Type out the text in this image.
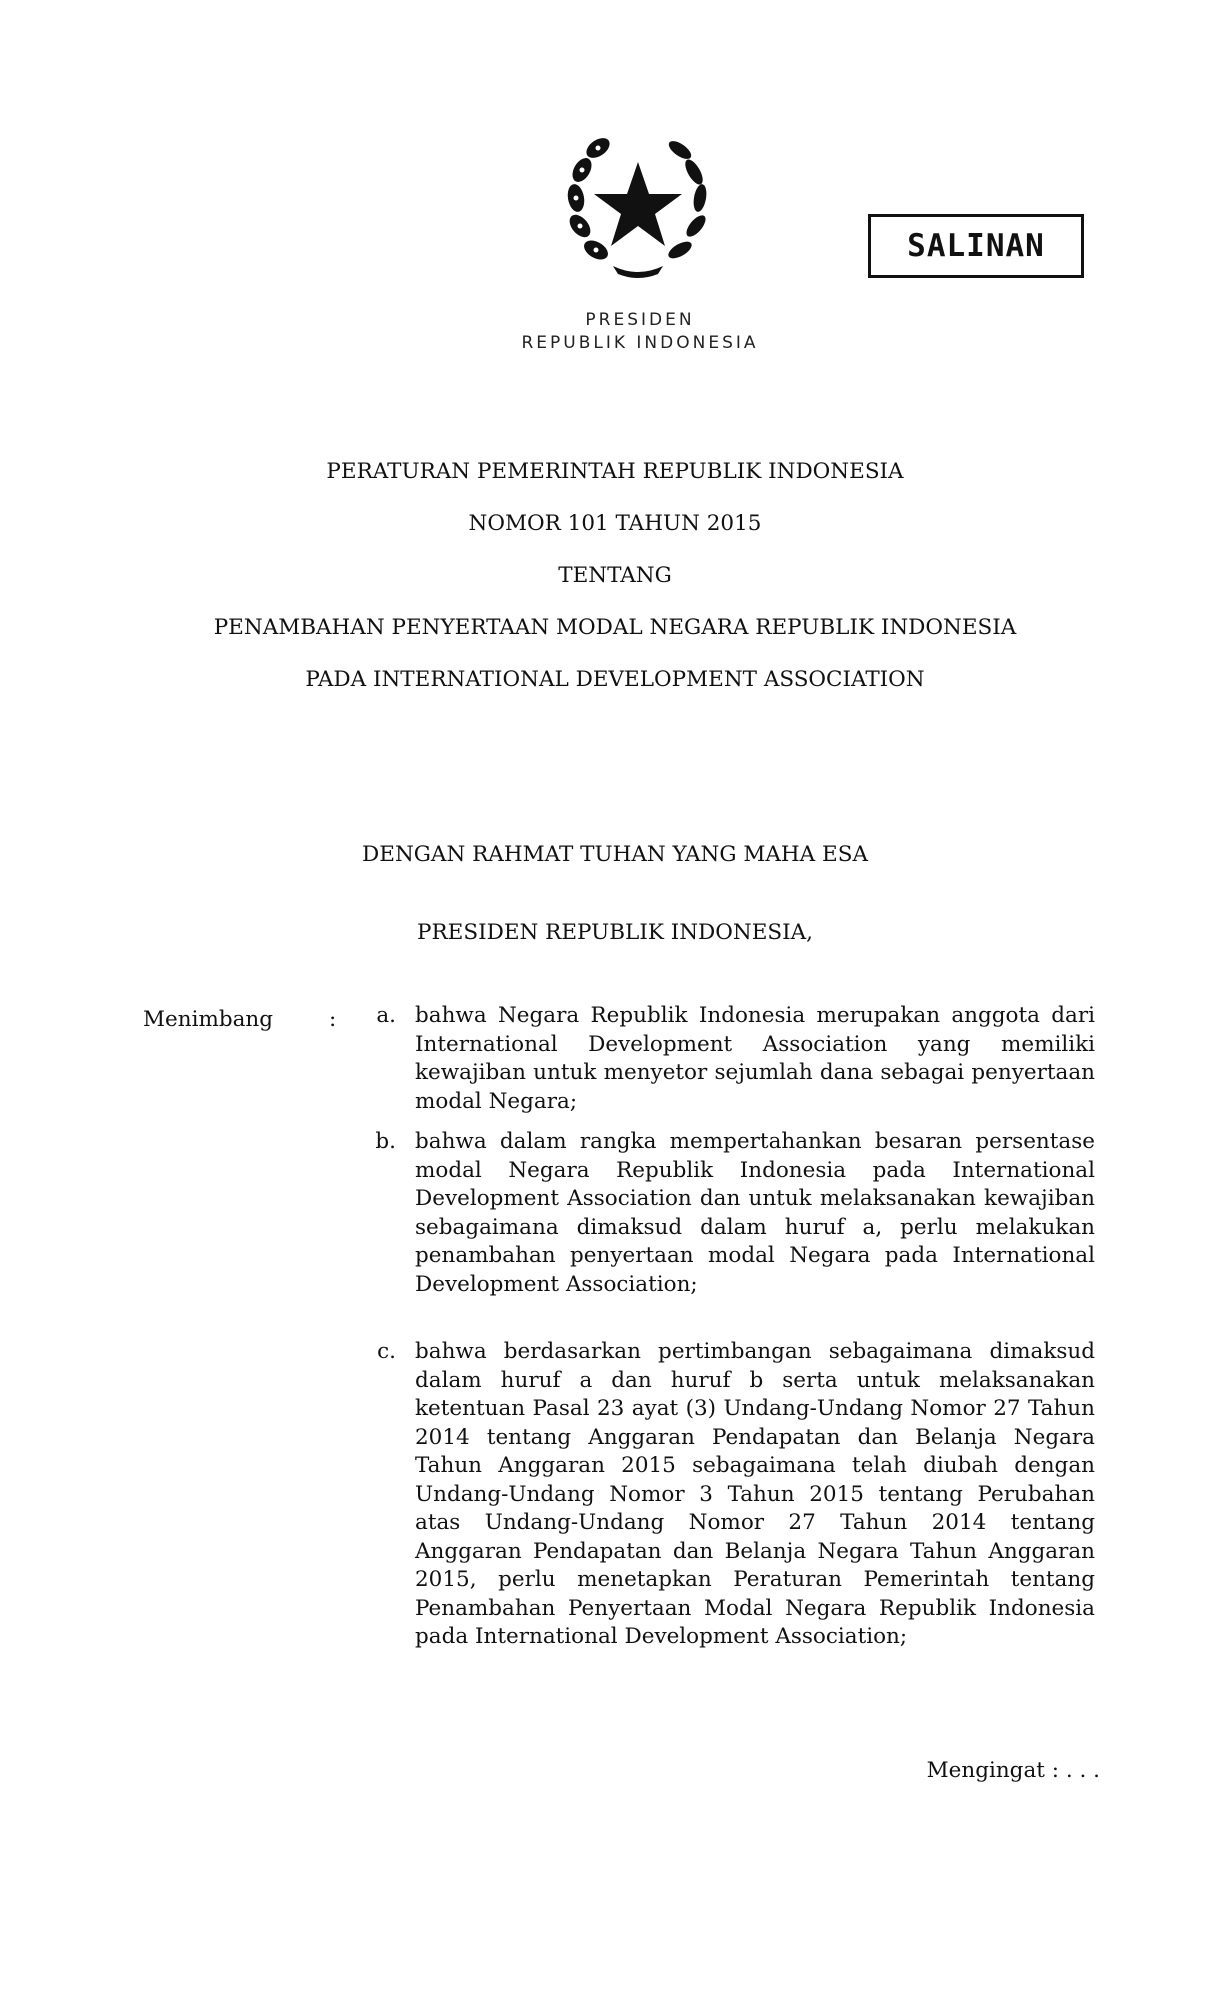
PRESIDEN
REPUBLIK INDONESIA
SALINAN
PERATURAN PEMERINTAH REPUBLIK INDONESIA
NOMOR 101 TAHUN 2015
TENTANG
PENAMBAHAN PENYERTAAN MODAL NEGARA REPUBLIK INDONESIA
PADA INTERNATIONAL DEVELOPMENT ASSOCIATION
DENGAN RAHMAT TUHAN YANG MAHA ESA
PRESIDEN REPUBLIK INDONESIA,
Menimbang	:	a. bahwa Negara Republik Indonesia merupakan anggota dari International Development Association yang memiliki kewajiban untuk menyetor sejumlah dana sebagai penyertaan modal Negara;
b. bahwa dalam rangka mempertahankan besaran persentase modal Negara Republik Indonesia pada International Development Association dan untuk melaksanakan kewajiban sebagaimana dimaksud dalam huruf a, perlu melakukan penambahan penyertaan modal Negara pada International Development Association;
c. bahwa berdasarkan pertimbangan sebagaimana dimaksud dalam huruf a dan huruf b serta untuk melaksanakan ketentuan Pasal 23 ayat (3) Undang-Undang Nomor 27 Tahun 2014 tentang Anggaran Pendapatan dan Belanja Negara Tahun Anggaran 2015 sebagaimana telah diubah dengan Undang-Undang Nomor 3 Tahun 2015 tentang Perubahan atas Undang-Undang Nomor 27 Tahun 2014 tentang Anggaran Pendapatan dan Belanja Negara Tahun Anggaran 2015, perlu menetapkan Peraturan Pemerintah tentang Penambahan Penyertaan Modal Negara Republik Indonesia pada International Development Association;
Mengingat : . . .
